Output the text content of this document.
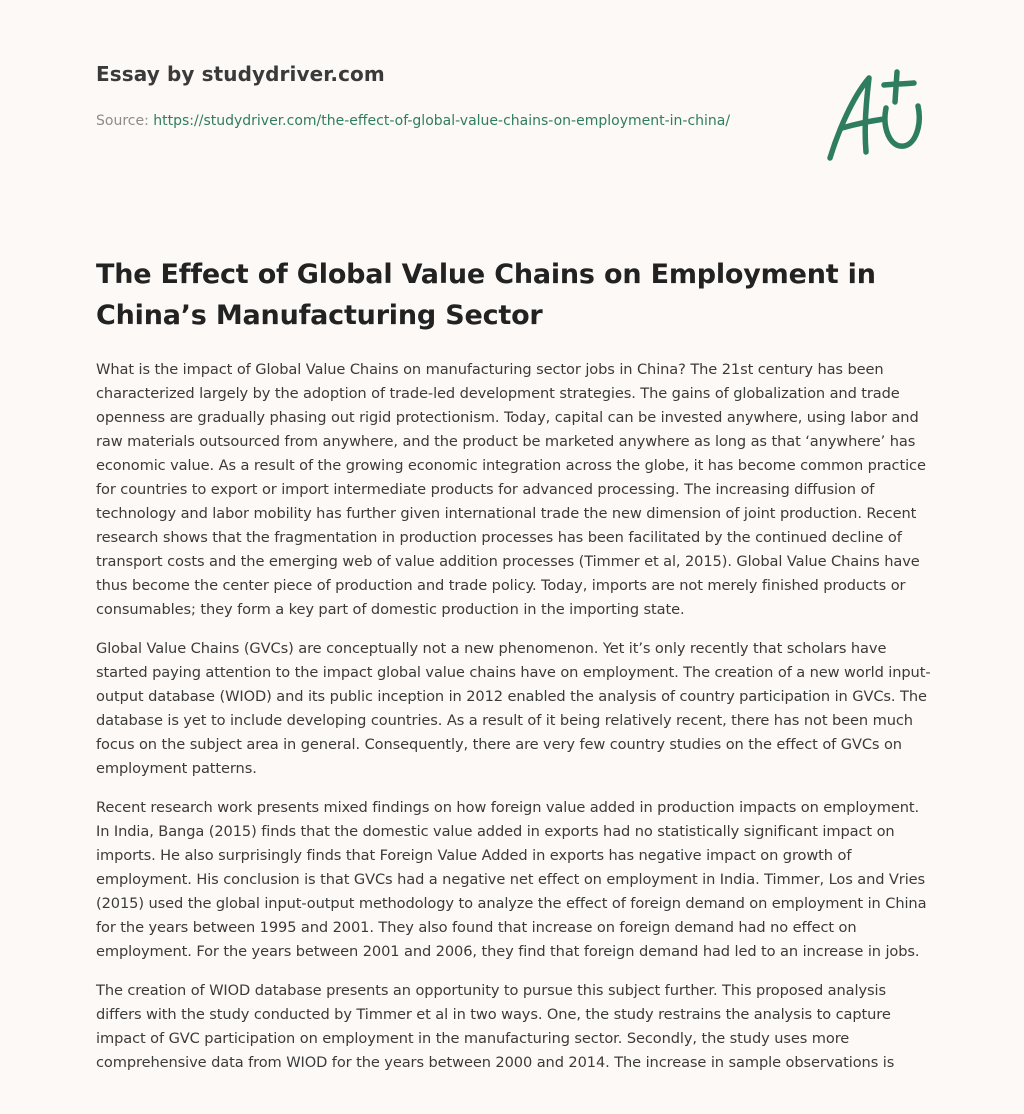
Essay by studydriver.com
Source: https://studydriver.com/the-effect-of-global-value-chains-on-employment-in-china/
The Effect of Global Value Chains on Employment in China’s Manufacturing Sector

What is the impact of Global Value Chains on manufacturing sector jobs in China? The 21st century has been characterized largely by the adoption of trade-led development strategies. The gains of globalization and trade openness are gradually phasing out rigid protectionism. Today, capital can be invested anywhere, using labor and raw materials outsourced from anywhere, and the product be marketed anywhere as long as that ‘anywhere’ has economic value. As a result of the growing economic integration across the globe, it has become common practice for countries to export or import intermediate products for advanced processing. The increasing diffusion of technology and labor mobility has further given international trade the new dimension of joint production. Recent research shows that the fragmentation in production processes has been facilitated by the continued decline of transport costs and the emerging web of value addition processes (Timmer et al, 2015). Global Value Chains have thus become the center piece of production and trade policy. Today, imports are not merely finished products or consumables; they form a key part of domestic production in the importing state.

Global Value Chains (GVCs) are conceptually not a new phenomenon. Yet it’s only recently that scholars have started paying attention to the impact global value chains have on employment. The creation of a new world input-output database (WIOD) and its public inception in 2012 enabled the analysis of country participation in GVCs. The database is yet to include developing countries. As a result of it being relatively recent, there has not been much focus on the subject area in general. Consequently, there are very few country studies on the effect of GVCs on employment patterns.

Recent research work presents mixed findings on how foreign value added in production impacts on employment. In India, Banga (2015) finds that the domestic value added in exports had no statistically significant impact on imports. He also surprisingly finds that Foreign Value Added in exports has negative impact on growth of employment. His conclusion is that GVCs had a negative net effect on employment in India. Timmer, Los and Vries (2015) used the global input-output methodology to analyze the effect of foreign demand on employment in China for the years between 1995 and 2001. They also found that increase on foreign demand had no effect on employment. For the years between 2001 and 2006, they find that foreign demand had led to an increase in jobs.

The creation of WIOD database presents an opportunity to pursue this subject further. This proposed analysis differs with the study conducted by Timmer et al in two ways. One, the study restrains the analysis to capture impact of GVC participation on employment in the manufacturing sector. Secondly, the study uses more comprehensive data from WIOD for the years between 2000 and 2014. The increase in sample observations is
